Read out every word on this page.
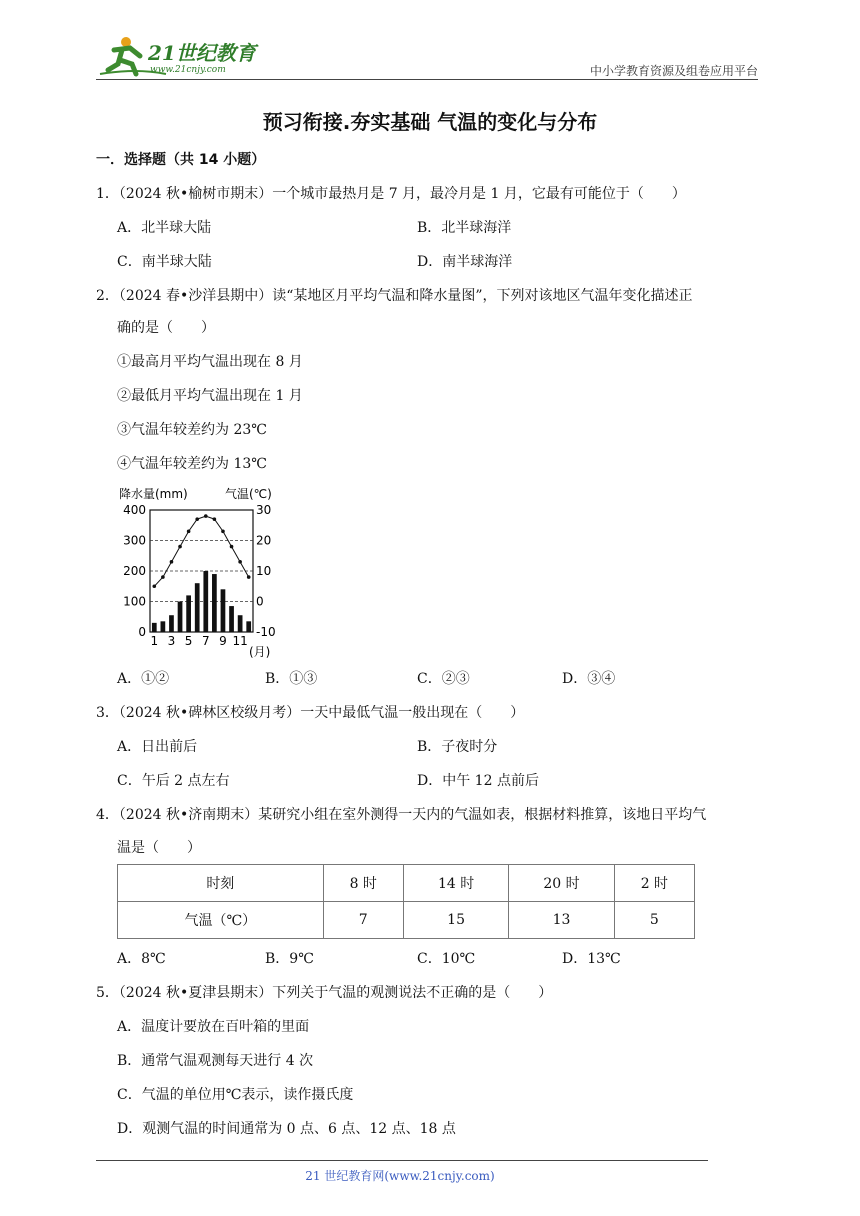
21世纪教育
www.21cnjy.com	中小学教育资源及组卷应用平台
预习衔接.夯实基础 气温的变化与分布
一．选择题（共 14 小题）
1．（2024 秋•榆树市期末）一个城市最热月是 7 月，最冷月是 1 月，它最有可能位于（　　）
A．北半球大陆	B．北半球海洋
C．南半球大陆	D．南半球海洋
2．（2024 春•沙洋县期中）读“某地区月平均气温和降水量图”，下列对该地区气温年变化描述正
确的是（　　）
①最高月平均气温出现在 8 月
②最低月平均气温出现在 1 月
③气温年较差约为 23℃
④气温年较差约为 13℃
降水量(mm)	气温(℃)
400
300
200
100
0
30
20
10
0
-10
1 3 5 7 9 11
(月)
A．①②	B．①③	C．②③	D．③④
3．（2024 秋•碑林区校级月考）一天中最低气温一般出现在（　　）
A．日出前后	B．子夜时分
C．午后 2 点左右	D．中午 12 点前后
4．（2024 秋•济南期末）某研究小组在室外测得一天内的气温如表，根据材料推算，该地日平均气
温是（　　）
时刻	8 时	14 时	20 时	2 时
气温（℃）	7	15	13	5
A．8℃	B．9℃	C．10℃	D．13℃
5．（2024 秋•夏津县期末）下列关于气温的观测说法不正确的是（　　）
A．温度计要放在百叶箱的里面
B．通常气温观测每天进行 4 次
C．气温的单位用℃表示，读作摄氏度
D．观测气温的时间通常为 0 点、6 点、12 点、18 点
21 世纪教育网(www.21cnjy.com)
